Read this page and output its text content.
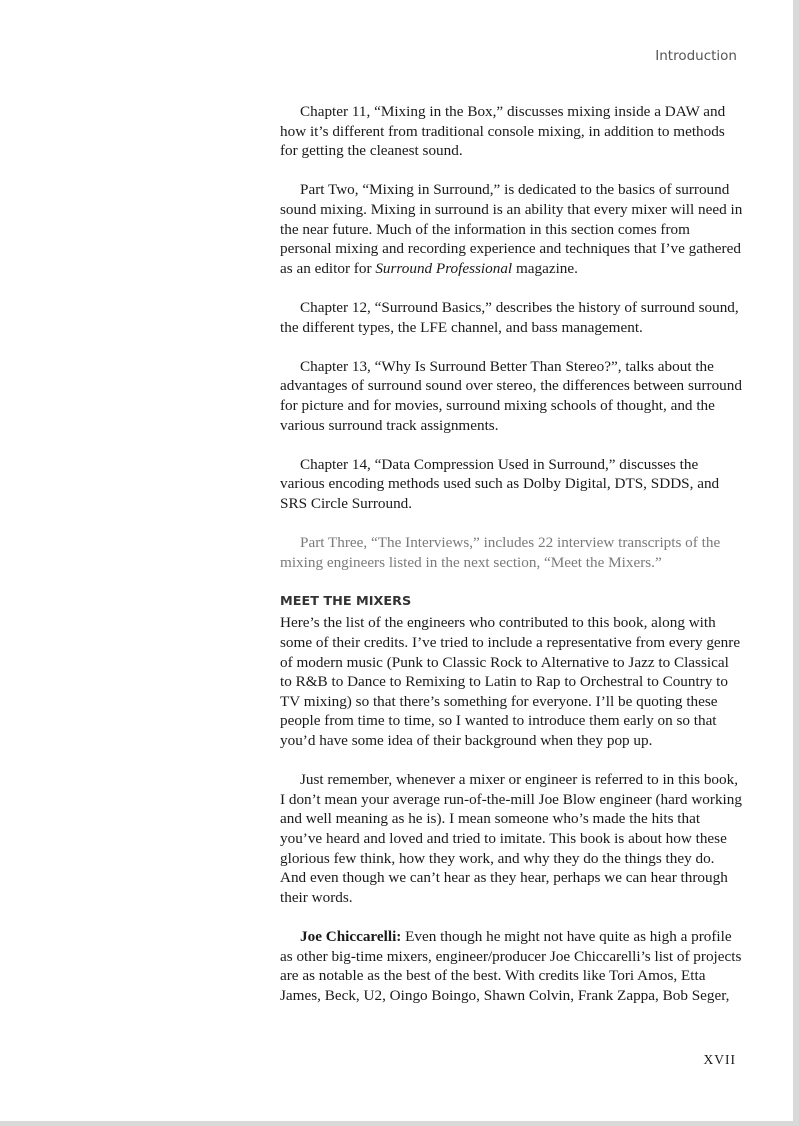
Introduction

Chapter 11, “Mixing in the Box,” discusses mixing inside a DAW and how it’s different from traditional console mixing, in addition to methods for getting the cleanest sound.

Part Two, “Mixing in Surround,” is dedicated to the basics of surround sound mixing. Mixing in surround is an ability that every mixer will need in the near future. Much of the information in this section comes from personal mixing and recording experience and techniques that I’ve gathered as an editor for Surround Professional magazine.

Chapter 12, “Surround Basics,” describes the history of surround sound, the different types, the LFE channel, and bass management.

Chapter 13, “Why Is Surround Better Than Stereo?”, talks about the advantages of surround sound over stereo, the differences between surround for picture and for movies, surround mixing schools of thought, and the various surround track assignments.

Chapter 14, “Data Compression Used in Surround,” discusses the various encoding methods used such as Dolby Digital, DTS, SDDS, and SRS Circle Surround.

Part Three, “The Interviews,” includes 22 interview transcripts of the mixing engineers listed in the next section, “Meet the Mixers.”

MEET THE MIXERS

Here’s the list of the engineers who contributed to this book, along with some of their credits. I’ve tried to include a representative from every genre of modern music (Punk to Classic Rock to Alternative to Jazz to Classical to R&B to Dance to Remixing to Latin to Rap to Orchestral to Country to TV mixing) so that there’s something for everyone. I’ll be quoting these people from time to time, so I wanted to introduce them early on so that you’d have some idea of their background when they pop up.

Just remember, whenever a mixer or engineer is referred to in this book, I don’t mean your average run-of-the-mill Joe Blow engineer (hard working and well meaning as he is). I mean someone who’s made the hits that you’ve heard and loved and tried to imitate. This book is about how these glorious few think, how they work, and why they do the things they do. And even though we can’t hear as they hear, perhaps we can hear through their words.

Joe Chiccarelli: Even though he might not have quite as high a profile as other big-time mixers, engineer/producer Joe Chiccarelli’s list of projects are as notable as the best of the best. With credits like Tori Amos, Etta James, Beck, U2, Oingo Boingo, Shawn Colvin, Frank Zappa, Bob Seger,

XVII
